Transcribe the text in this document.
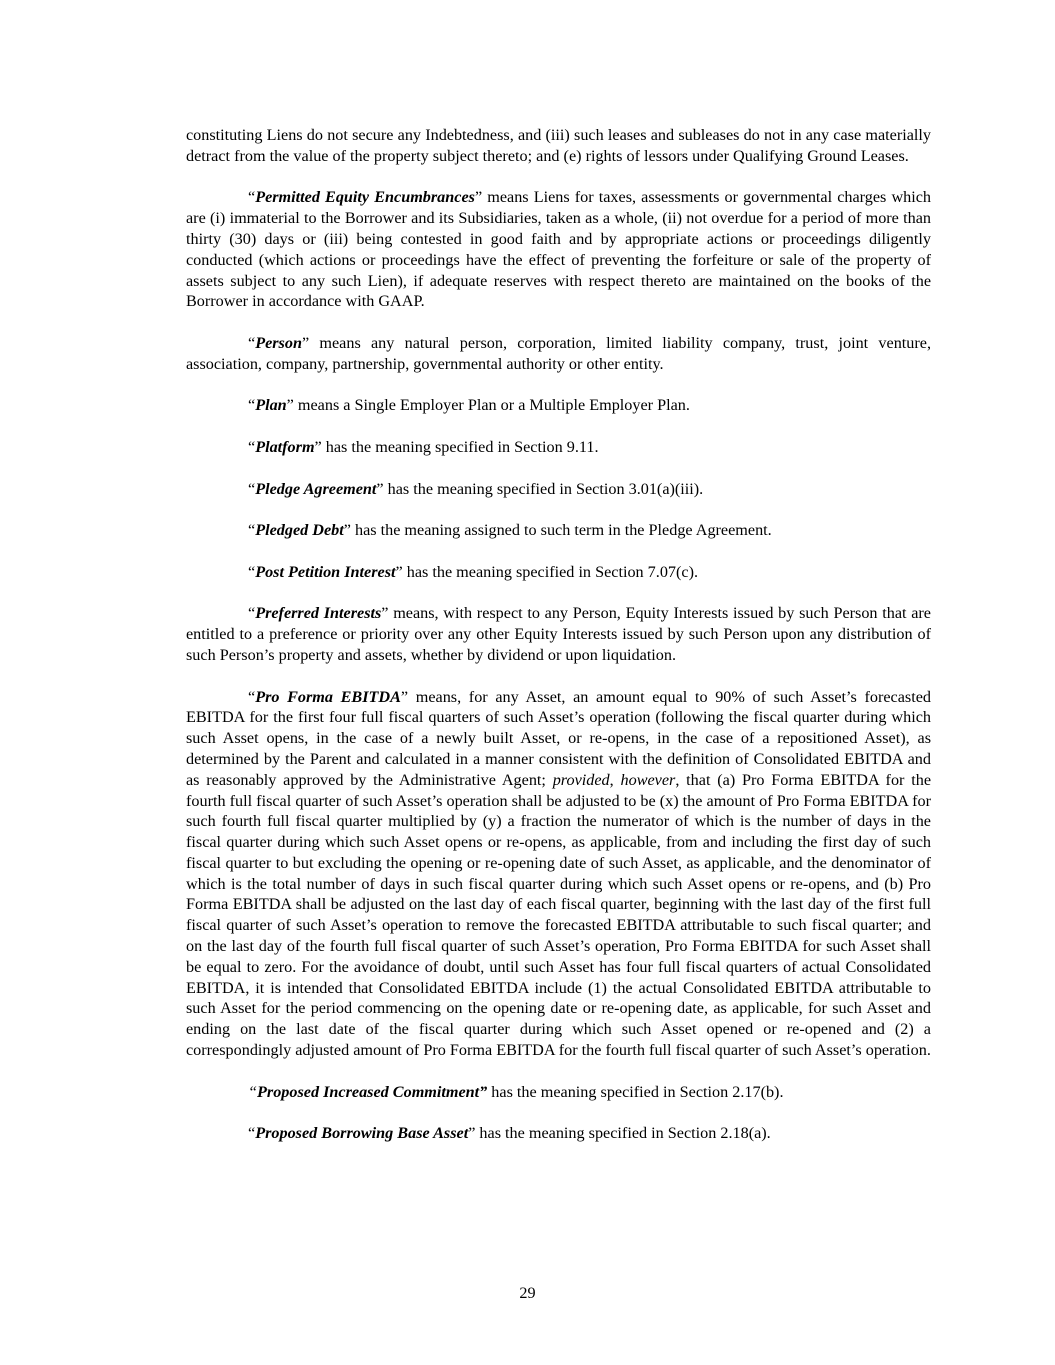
constituting Liens do not secure any Indebtedness, and (iii) such leases and subleases do not in any case materially detract from the value of the property subject thereto; and (e) rights of lessors under Qualifying Ground Leases.

“Permitted Equity Encumbrances” means Liens for taxes, assessments or governmental charges which are (i) immaterial to the Borrower and its Subsidiaries, taken as a whole, (ii) not overdue for a period of more than thirty (30) days or (iii) being contested in good faith and by appropriate actions or proceedings diligently conducted (which actions or proceedings have the effect of preventing the forfeiture or sale of the property of assets subject to any such Lien), if adequate reserves with respect thereto are maintained on the books of the Borrower in accordance with GAAP.

“Person” means any natural person, corporation, limited liability company, trust, joint venture, association, company, partnership, governmental authority or other entity.

“Plan” means a Single Employer Plan or a Multiple Employer Plan.

“Platform” has the meaning specified in Section 9.11.

“Pledge Agreement” has the meaning specified in Section 3.01(a)(iii).

“Pledged Debt” has the meaning assigned to such term in the Pledge Agreement.

“Post Petition Interest” has the meaning specified in Section 7.07(c).

“Preferred Interests” means, with respect to any Person, Equity Interests issued by such Person that are entitled to a preference or priority over any other Equity Interests issued by such Person upon any distribution of such Person’s property and assets, whether by dividend or upon liquidation.

“Pro Forma EBITDA” means, for any Asset, an amount equal to 90% of such Asset’s forecasted EBITDA for the first four full fiscal quarters of such Asset’s operation (following the fiscal quarter during which such Asset opens, in the case of a newly built Asset, or re-opens, in the case of a repositioned Asset), as determined by the Parent and calculated in a manner consistent with the definition of Consolidated EBITDA and as reasonably approved by the Administrative Agent; provided, however, that (a) Pro Forma EBITDA for the fourth full fiscal quarter of such Asset’s operation shall be adjusted to be (x) the amount of Pro Forma EBITDA for such fourth full fiscal quarter multiplied by (y) a fraction the numerator of which is the number of days in the fiscal quarter during which such Asset opens or re-opens, as applicable, from and including the first day of such fiscal quarter to but excluding the opening or re-opening date of such Asset, as applicable, and the denominator of which is the total number of days in such fiscal quarter during which such Asset opens or re-opens, and (b) Pro Forma EBITDA shall be adjusted on the last day of each fiscal quarter, beginning with the last day of the first full fiscal quarter of such Asset’s operation to remove the forecasted EBITDA attributable to such fiscal quarter; and on the last day of the fourth full fiscal quarter of such Asset’s operation, Pro Forma EBITDA for such Asset shall be equal to zero. For the avoidance of doubt, until such Asset has four full fiscal quarters of actual Consolidated EBITDA, it is intended that Consolidated EBITDA include (1) the actual Consolidated EBITDA attributable to such Asset for the period commencing on the opening date or re-opening date, as applicable, for such Asset and ending on the last date of the fiscal quarter during which such Asset opened or re-opened and (2) a correspondingly adjusted amount of Pro Forma EBITDA for the fourth full fiscal quarter of such Asset’s operation.

“Proposed Increased Commitment” has the meaning specified in Section 2.17(b).

“Proposed Borrowing Base Asset” has the meaning specified in Section 2.18(a).

29
